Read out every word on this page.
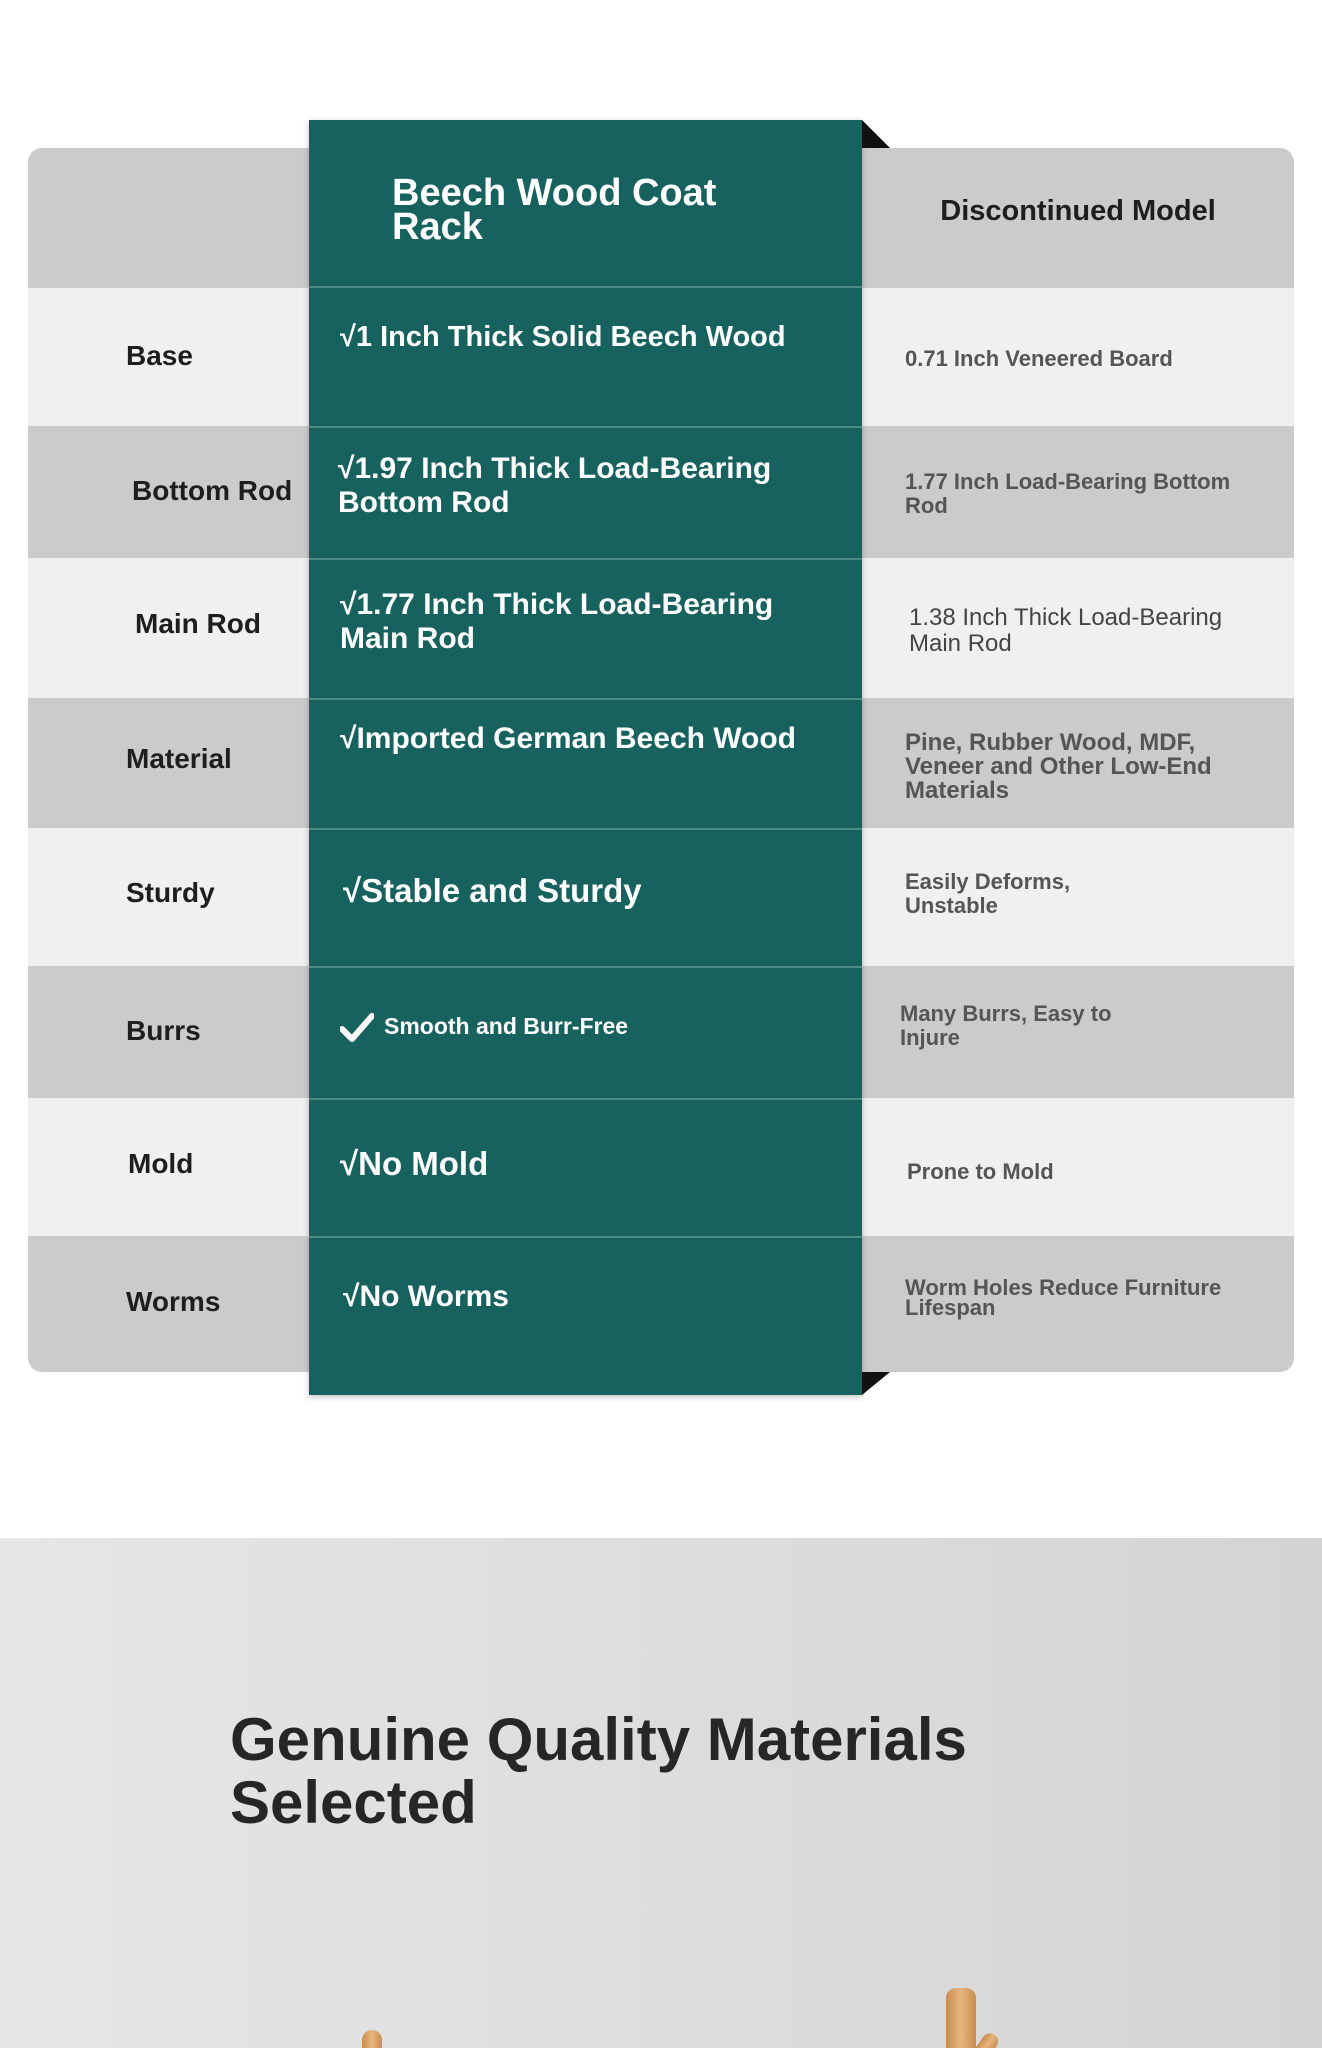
Beech Wood Coat Rack	Discontinued Model
Base
Bottom Rod
Main Rod
Material
Sturdy
Burrs
Mold
Worms
√1 Inch Thick Solid Beech Wood
√1.97 Inch Thick Load-Bearing Bottom Rod
√1.77 Inch Thick Load-Bearing Main Rod
√Imported German Beech Wood
√Stable and Sturdy
Smooth and Burr-Free
√No Mold
√No Worms
0.71 Inch Veneered Board
1.77 Inch Load-Bearing Bottom Rod
1.38 Inch Thick Load-Bearing Main Rod
Pine, Rubber Wood, MDF, Veneer and Other Low-End Materials
Easily Deforms, Unstable
Many Burrs, Easy to Injure
Prone to Mold
Worm Holes Reduce Furniture Lifespan
Genuine Quality Materials Selected
